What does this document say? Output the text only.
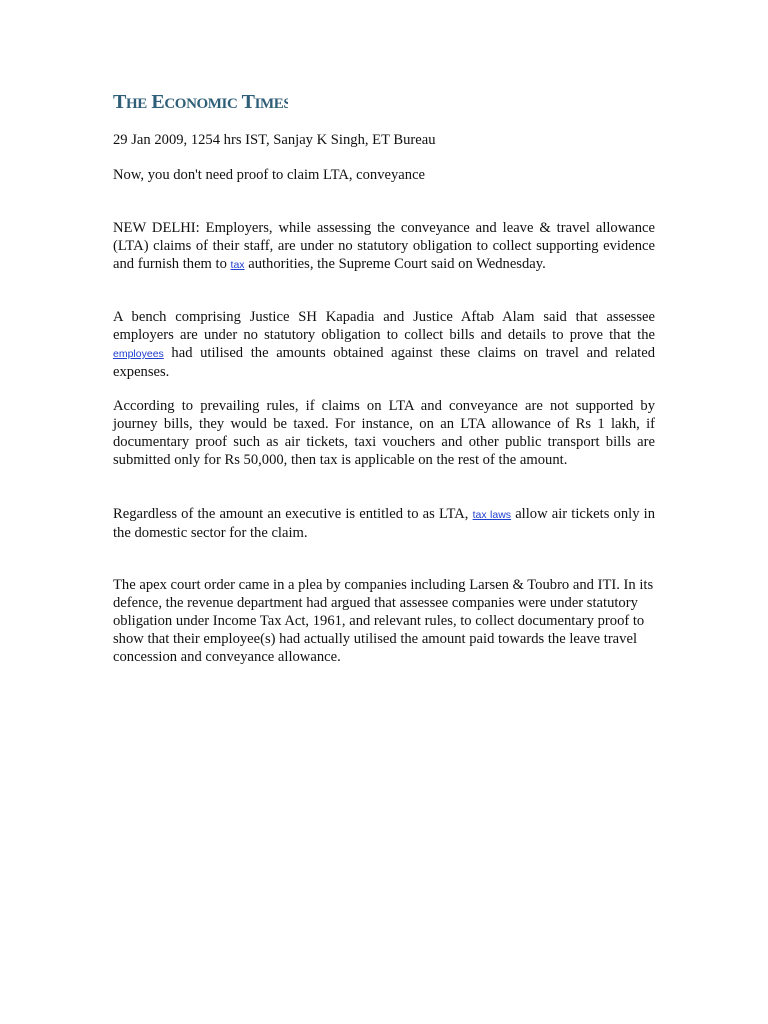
THE ECONOMIC TIMES

29 Jan 2009, 1254 hrs IST, Sanjay K Singh, ET Bureau

Now, you don't need proof to claim LTA, conveyance

NEW DELHI: Employers, while assessing the conveyance and leave & travel allowance (LTA) claims of their staff, are under no statutory obligation to collect supporting evidence and furnish them to tax authorities, the Supreme Court said on Wednesday.

A bench comprising Justice SH Kapadia and Justice Aftab Alam said that assessee employers are under no statutory obligation to collect bills and details to prove that the employees had utilised the amounts obtained against these claims on travel and related expenses.

According to prevailing rules, if claims on LTA and conveyance are not supported by journey bills, they would be taxed. For instance, on an LTA allowance of Rs 1 lakh, if documentary proof such as air tickets, taxi vouchers and other public transport bills are submitted only for Rs 50,000, then tax is applicable on the rest of the amount.

Regardless of the amount an executive is entitled to as LTA, tax laws allow air tickets only in the domestic sector for the claim.

The apex court order came in a plea by companies including Larsen & Toubro and ITI. In its defence, the revenue department had argued that assessee companies were under statutory obligation under Income Tax Act, 1961, and relevant rules, to collect documentary proof to show that their employee(s) had actually utilised the amount paid towards the leave travel concession and conveyance allowance.
